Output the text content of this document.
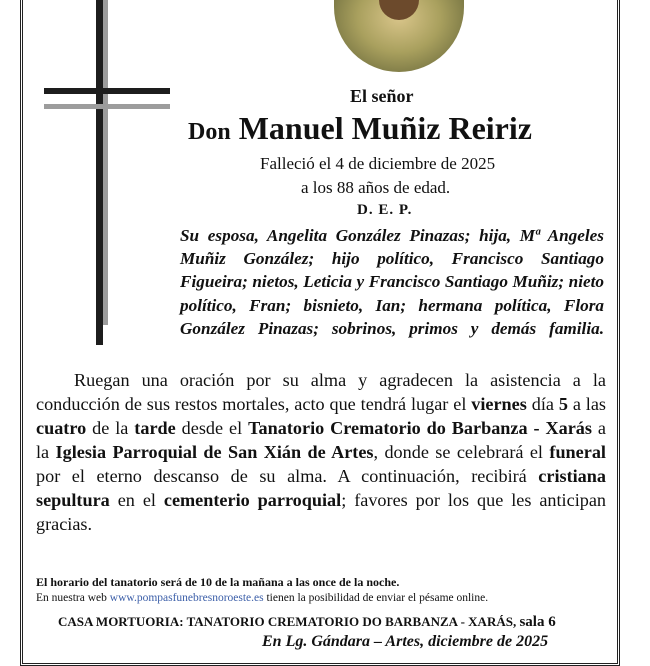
El señor
Don Manuel Muñiz Reiriz
Falleció el 4 de diciembre de 2025
a los 88 años de edad.
D. E. P.
Su esposa, Angelita González Pinazas; hija, Mª Angeles Muñiz González; hijo político, Francisco Santiago Figueira; nietos, Leticia y Francisco Santiago Muñiz; nieto político, Fran; bisnieto, Ian; hermana política, Flora González Pinazas; sobrinos, primos y demás familia.
Ruegan una oración por su alma y agradecen la asistencia a la conducción de sus restos mortales, acto que tendrá lugar el viernes día 5 a las cuatro de la tarde desde el Tanatorio Crematorio do Barbanza - Xarás a la Iglesia Parroquial de San Xián de Artes, donde se celebrará el funeral por el eterno descanso de su alma. A continuación, recibirá cristiana sepultura en el cementerio parroquial; favores por los que les anticipan gracias.
El horario del tanatorio será de 10 de la mañana a las once de la noche.
En nuestra web www.pompasfunebresnoroeste.es tienen la posibilidad de enviar el pésame online.
CASA MORTUORIA: TANATORIO CREMATORIO DO BARBANZA - XARÁS, sala 6
En Lg. Gándara – Artes, diciembre de 2025
